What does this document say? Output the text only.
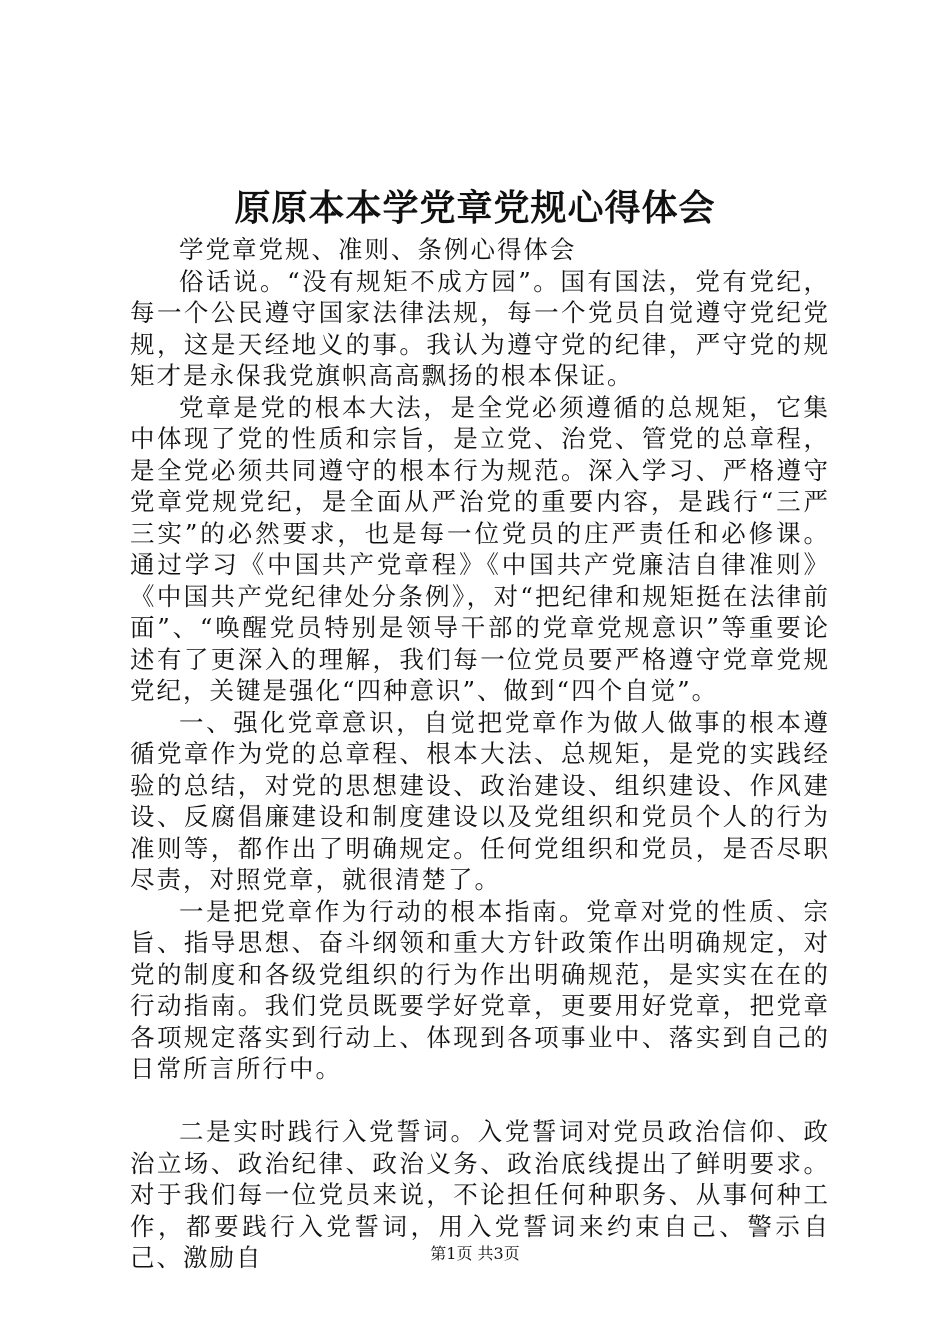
原原本本学党章党规心得体会

学党章党规、准则、条例心得体会

俗话说。“没有规矩不成方园”。国有国法，党有党纪，每一个公民遵守国家法律法规，每一个党员自觉遵守党纪党规，这是天经地义的事。我认为遵守党的纪律，严守党的规矩才是永保我党旗帜高高飘扬的根本保证。

党章是党的根本大法，是全党必须遵循的总规矩，它集中体现了党的性质和宗旨，是立党、治党、管党的总章程，是全党必须共同遵守的根本行为规范。深入学习、严格遵守党章党规党纪，是全面从严治党的重要内容，是践行“三严三实”的必然要求，也是每一位党员的庄严责任和必修课。通过学习《中国共产党章程》《中国共产党廉洁自律准则》《中国共产党纪律处分条例》，对“把纪律和规矩挺在法律前面”、“唤醒党员特别是领导干部的党章党规意识”等重要论述有了更深入的理解，我们每一位党员要严格遵守党章党规党纪，关键是强化“四种意识”、做到“四个自觉”。

一、强化党章意识，自觉把党章作为做人做事的根本遵循党章作为党的总章程、根本大法、总规矩，是党的实践经验的总结，对党的思想建设、政治建设、组织建设、作风建设、反腐倡廉建设和制度建设以及党组织和党员个人的行为准则等，都作出了明确规定。任何党组织和党员，是否尽职尽责，对照党章，就很清楚了。

一是把党章作为行动的根本指南。党章对党的性质、宗旨、指导思想、奋斗纲领和重大方针政策作出明确规定，对党的制度和各级党组织的行为作出明确规范，是实实在在的行动指南。我们党员既要学好党章，更要用好党章，把党章各项规定落实到行动上、体现到各项事业中、落实到自己的日常所言所行中。

二是实时践行入党誓词。入党誓词对党员政治信仰、政治立场、政治纪律、政治义务、政治底线提出了鲜明要求。对于我们每一位党员来说，不论担任何种职务、从事何种工作，都要践行入党誓词，用入党誓词来约束自己、警示自己、激励自	第1页 共3页
